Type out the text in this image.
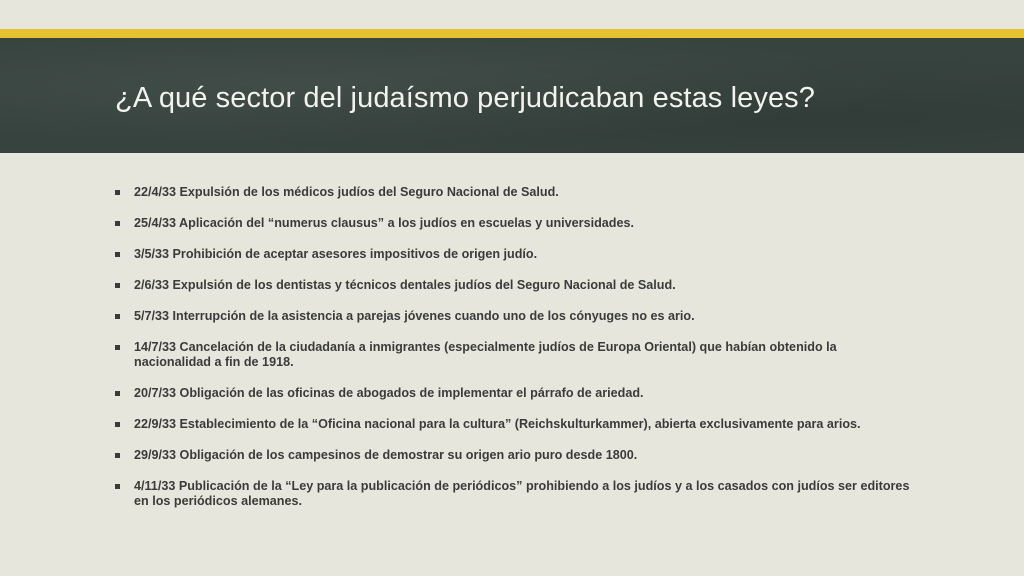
¿A qué sector del judaísmo perjudicaban estas leyes?
22/4/33 Expulsión de los médicos judíos del Seguro Nacional de Salud.
25/4/33 Aplicación del “numerus clausus” a los judíos en escuelas y universidades.
3/5/33 Prohibición de aceptar asesores impositivos de origen judío.
2/6/33 Expulsión de los dentistas y técnicos dentales judíos del Seguro Nacional de Salud.
5/7/33 Interrupción de la asistencia a parejas jóvenes cuando uno de los cónyuges no es ario.
14/7/33 Cancelación de la ciudadanía a inmigrantes (especialmente judíos de Europa Oriental) que habían obtenido la nacionalidad a fin de 1918.
20/7/33 Obligación de las oficinas de abogados de implementar el párrafo de ariedad.
22/9/33 Establecimiento de la “Oficina nacional para la cultura” (Reichskulturkammer), abierta exclusivamente para arios.
29/9/33 Obligación de los campesinos de demostrar su origen ario puro desde 1800.
4/11/33 Publicación de la “Ley para la publicación de periódicos” prohibiendo a los judíos y a los casados con judíos ser editores en los periódicos alemanes.
